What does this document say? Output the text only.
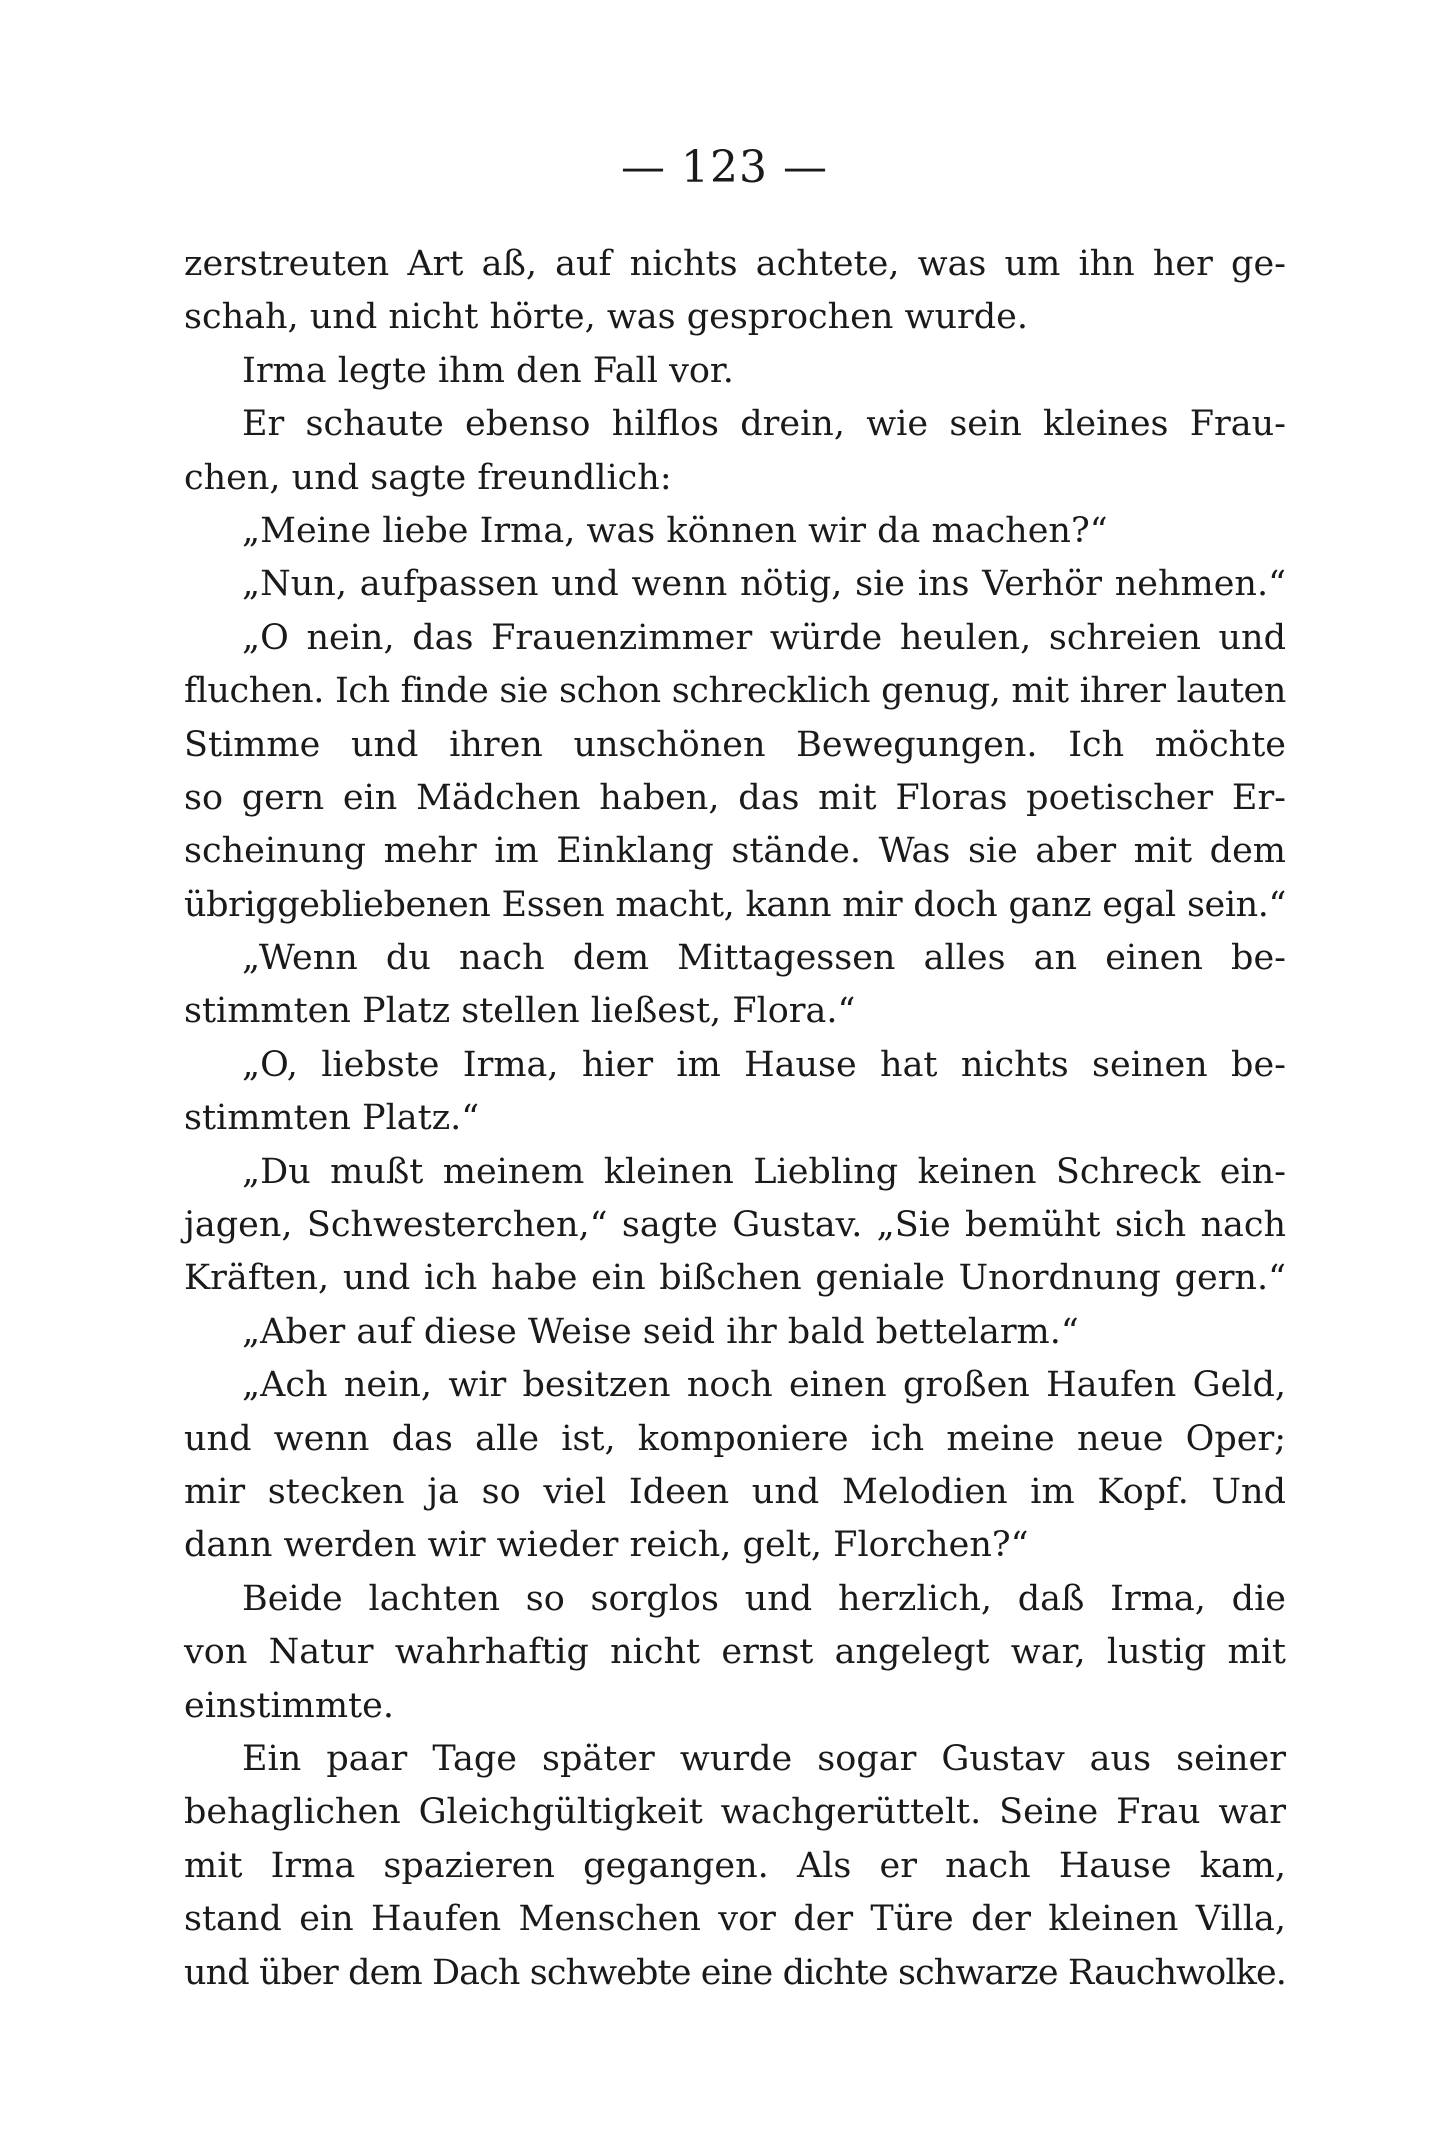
— 123 —
zerstreuten Art aß, auf nichts achtete, was um ihn her ge-
schah, und nicht hörte, was gesprochen wurde.
Irma legte ihm den Fall vor.
Er schaute ebenso hilflos drein, wie sein kleines Frau-
chen, und sagte freundlich:
„Meine liebe Irma, was können wir da machen?“
„Nun, aufpassen und wenn nötig, sie ins Verhör nehmen.“
„O nein, das Frauenzimmer würde heulen, schreien und
fluchen. Ich finde sie schon schrecklich genug, mit ihrer lauten
Stimme und ihren unschönen Bewegungen. Ich möchte
so gern ein Mädchen haben, das mit Floras poetischer Er-
scheinung mehr im Einklang stände. Was sie aber mit dem
übriggebliebenen Essen macht, kann mir doch ganz egal sein.“
„Wenn du nach dem Mittagessen alles an einen be-
stimmten Platz stellen ließest, Flora.“
„O, liebste Irma, hier im Hause hat nichts seinen be-
stimmten Platz.“
„Du mußt meinem kleinen Liebling keinen Schreck ein-
jagen, Schwesterchen,“ sagte Gustav. „Sie bemüht sich nach
Kräften, und ich habe ein bißchen geniale Unordnung gern.“
„Aber auf diese Weise seid ihr bald bettelarm.“
„Ach nein, wir besitzen noch einen großen Haufen Geld,
und wenn das alle ist, komponiere ich meine neue Oper;
mir stecken ja so viel Ideen und Melodien im Kopf. Und
dann werden wir wieder reich, gelt, Florchen?“
Beide lachten so sorglos und herzlich, daß Irma, die
von Natur wahrhaftig nicht ernst angelegt war, lustig mit
einstimmte.
Ein paar Tage später wurde sogar Gustav aus seiner
behaglichen Gleichgültigkeit wachgerüttelt. Seine Frau war
mit Irma spazieren gegangen. Als er nach Hause kam,
stand ein Haufen Menschen vor der Türe der kleinen Villa,
und über dem Dach schwebte eine dichte schwarze Rauchwolke.
